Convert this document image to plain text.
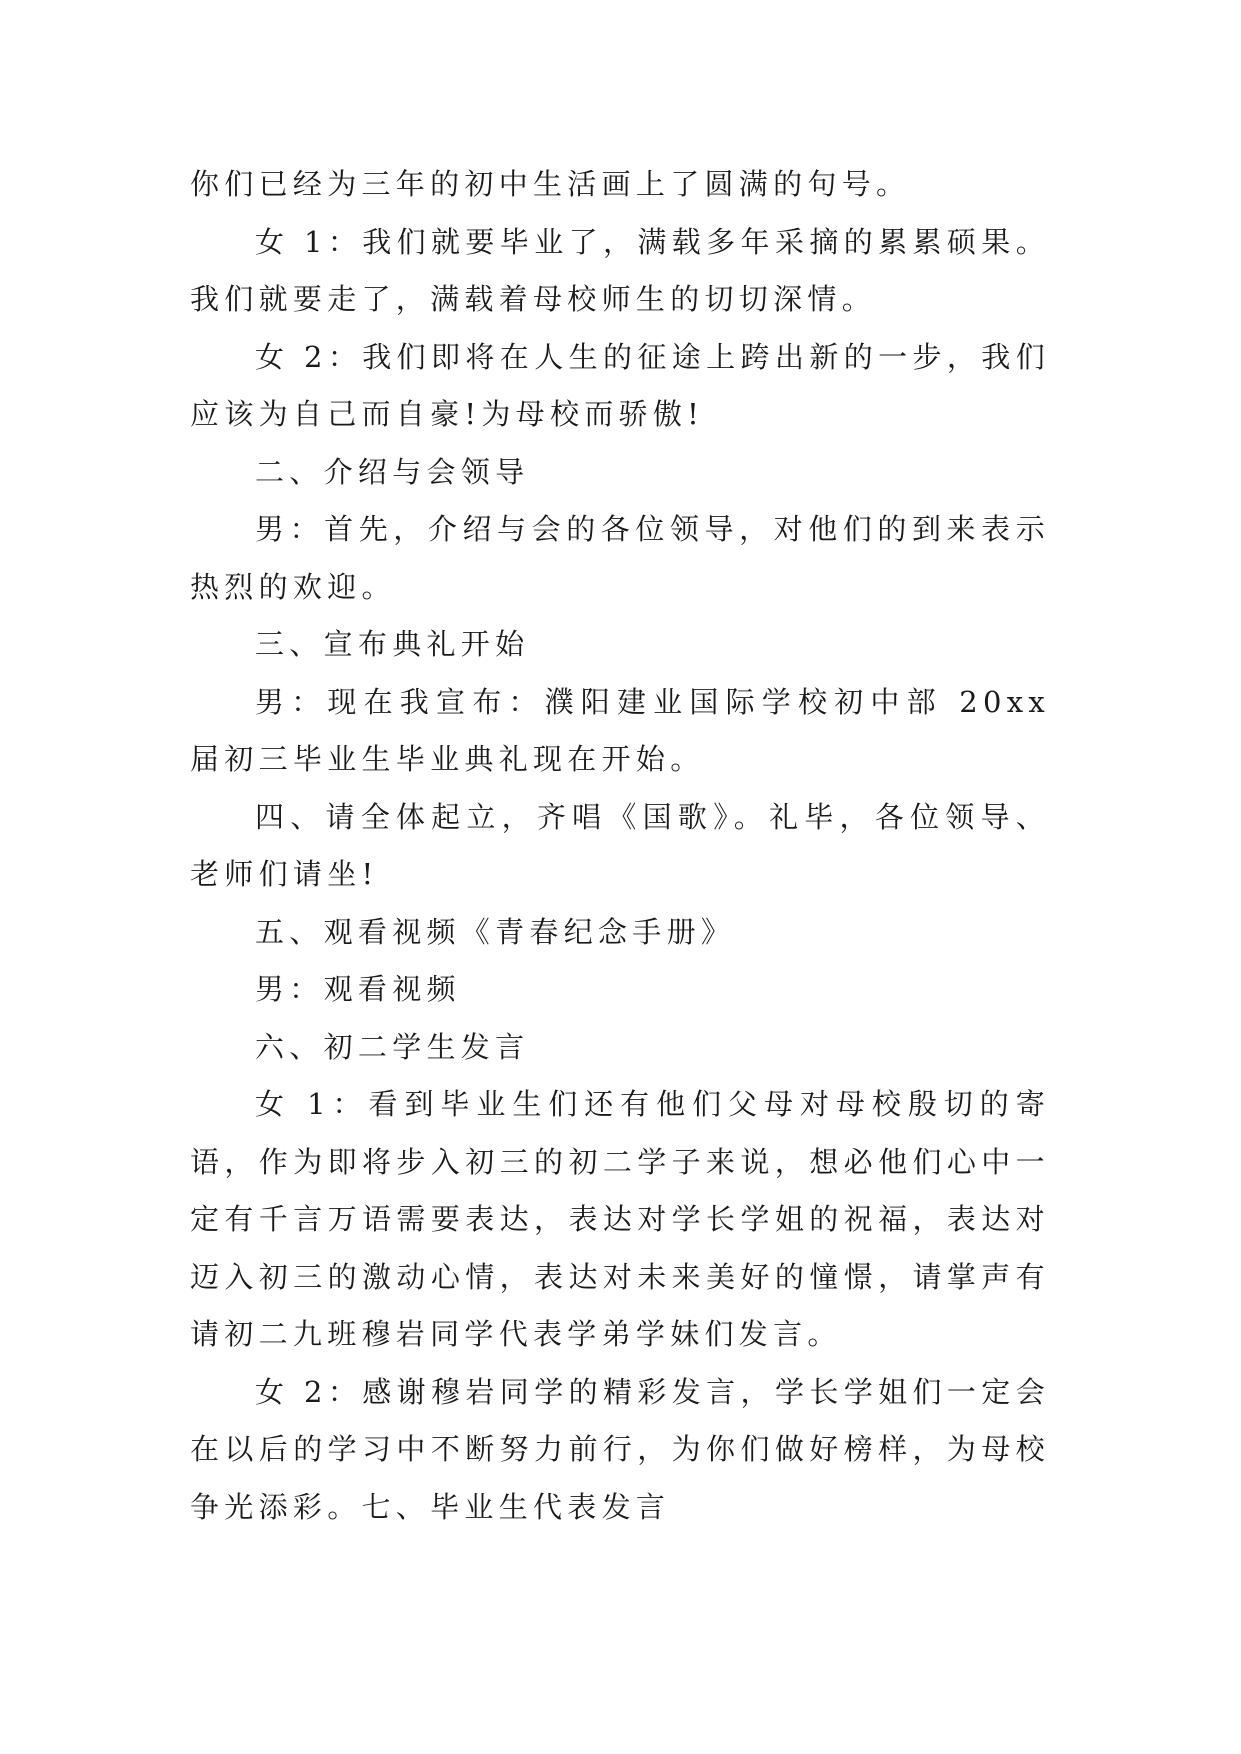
你们已经为三年的初中生活画上了圆满的句号。

女 1：我们就要毕业了，满载多年采摘的累累硕果。我们就要走了，满载着母校师生的切切深情。

女 2：我们即将在人生的征途上跨出新的一步，我们应该为自己而自豪!为母校而骄傲!

二、介绍与会领导

男：首先，介绍与会的各位领导，对他们的到来表示热烈的欢迎。

三、宣布典礼开始

男：现在我宣布：濮阳建业国际学校初中部 20xx 届初三毕业生毕业典礼现在开始。

四、请全体起立，齐唱《国歌》。礼毕，各位领导、老师们请坐!

五、观看视频《青春纪念手册》

男：观看视频

六、初二学生发言

女 1：看到毕业生们还有他们父母对母校殷切的寄语，作为即将步入初三的初二学子来说，想必他们心中一定有千言万语需要表达，表达对学长学姐的祝福，表达对迈入初三的激动心情，表达对未来美好的憧憬，请掌声有请初二九班穆岩同学代表学弟学妹们发言。

女 2：感谢穆岩同学的精彩发言，学长学姐们一定会在以后的学习中不断努力前行，为你们做好榜样，为母校争光添彩。七、毕业生代表发言
